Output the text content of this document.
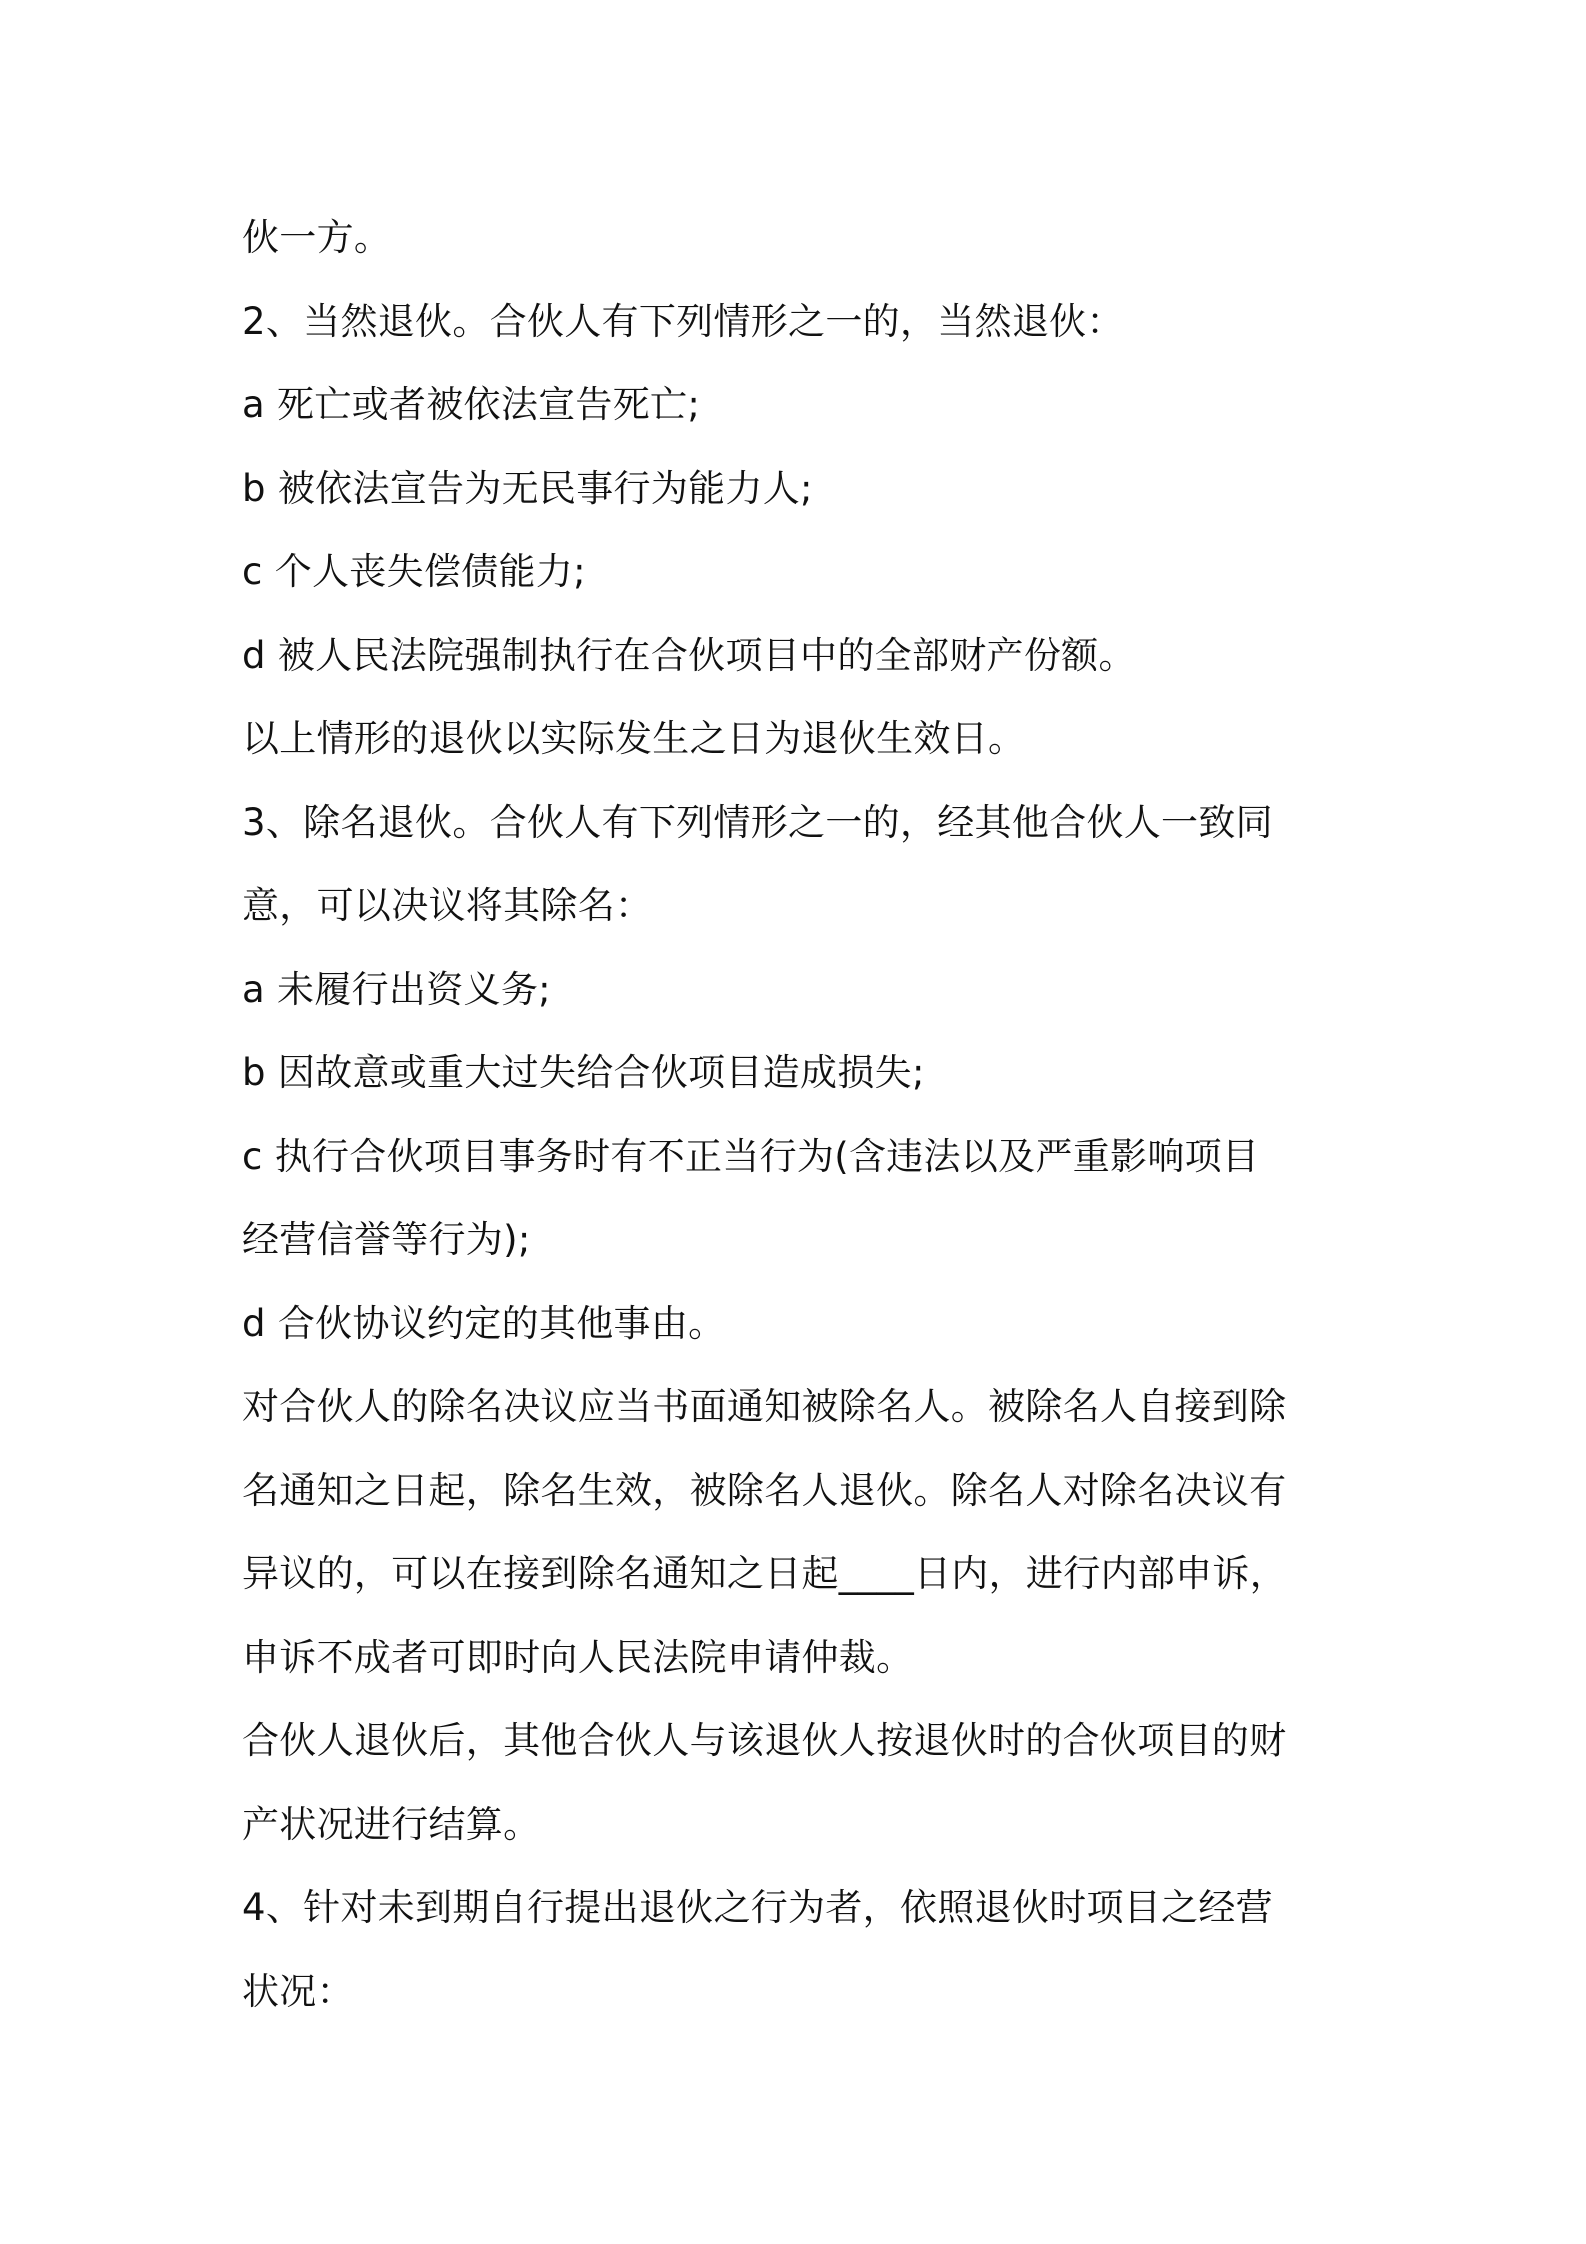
伙一方。
2、当然退伙。合伙人有下列情形之一的，当然退伙：
a 死亡或者被依法宣告死亡;
b 被依法宣告为无民事行为能力人;
c 个人丧失偿债能力;
d 被人民法院强制执行在合伙项目中的全部财产份额。
以上情形的退伙以实际发生之日为退伙生效日。
3、除名退伙。合伙人有下列情形之一的，经其他合伙人一致同
意，可以决议将其除名：
a 未履行出资义务;
b 因故意或重大过失给合伙项目造成损失;
c 执行合伙项目事务时有不正当行为(含违法以及严重影响项目
经营信誉等行为);
d 合伙协议约定的其他事由。
对合伙人的除名决议应当书面通知被除名人。被除名人自接到除
名通知之日起，除名生效，被除名人退伙。除名人对除名决议有
异议的，可以在接到除名通知之日起____日内，进行内部申诉，
申诉不成者可即时向人民法院申请仲裁。
合伙人退伙后，其他合伙人与该退伙人按退伙时的合伙项目的财
产状况进行结算。
4、针对未到期自行提出退伙之行为者，依照退伙时项目之经营
状况：
